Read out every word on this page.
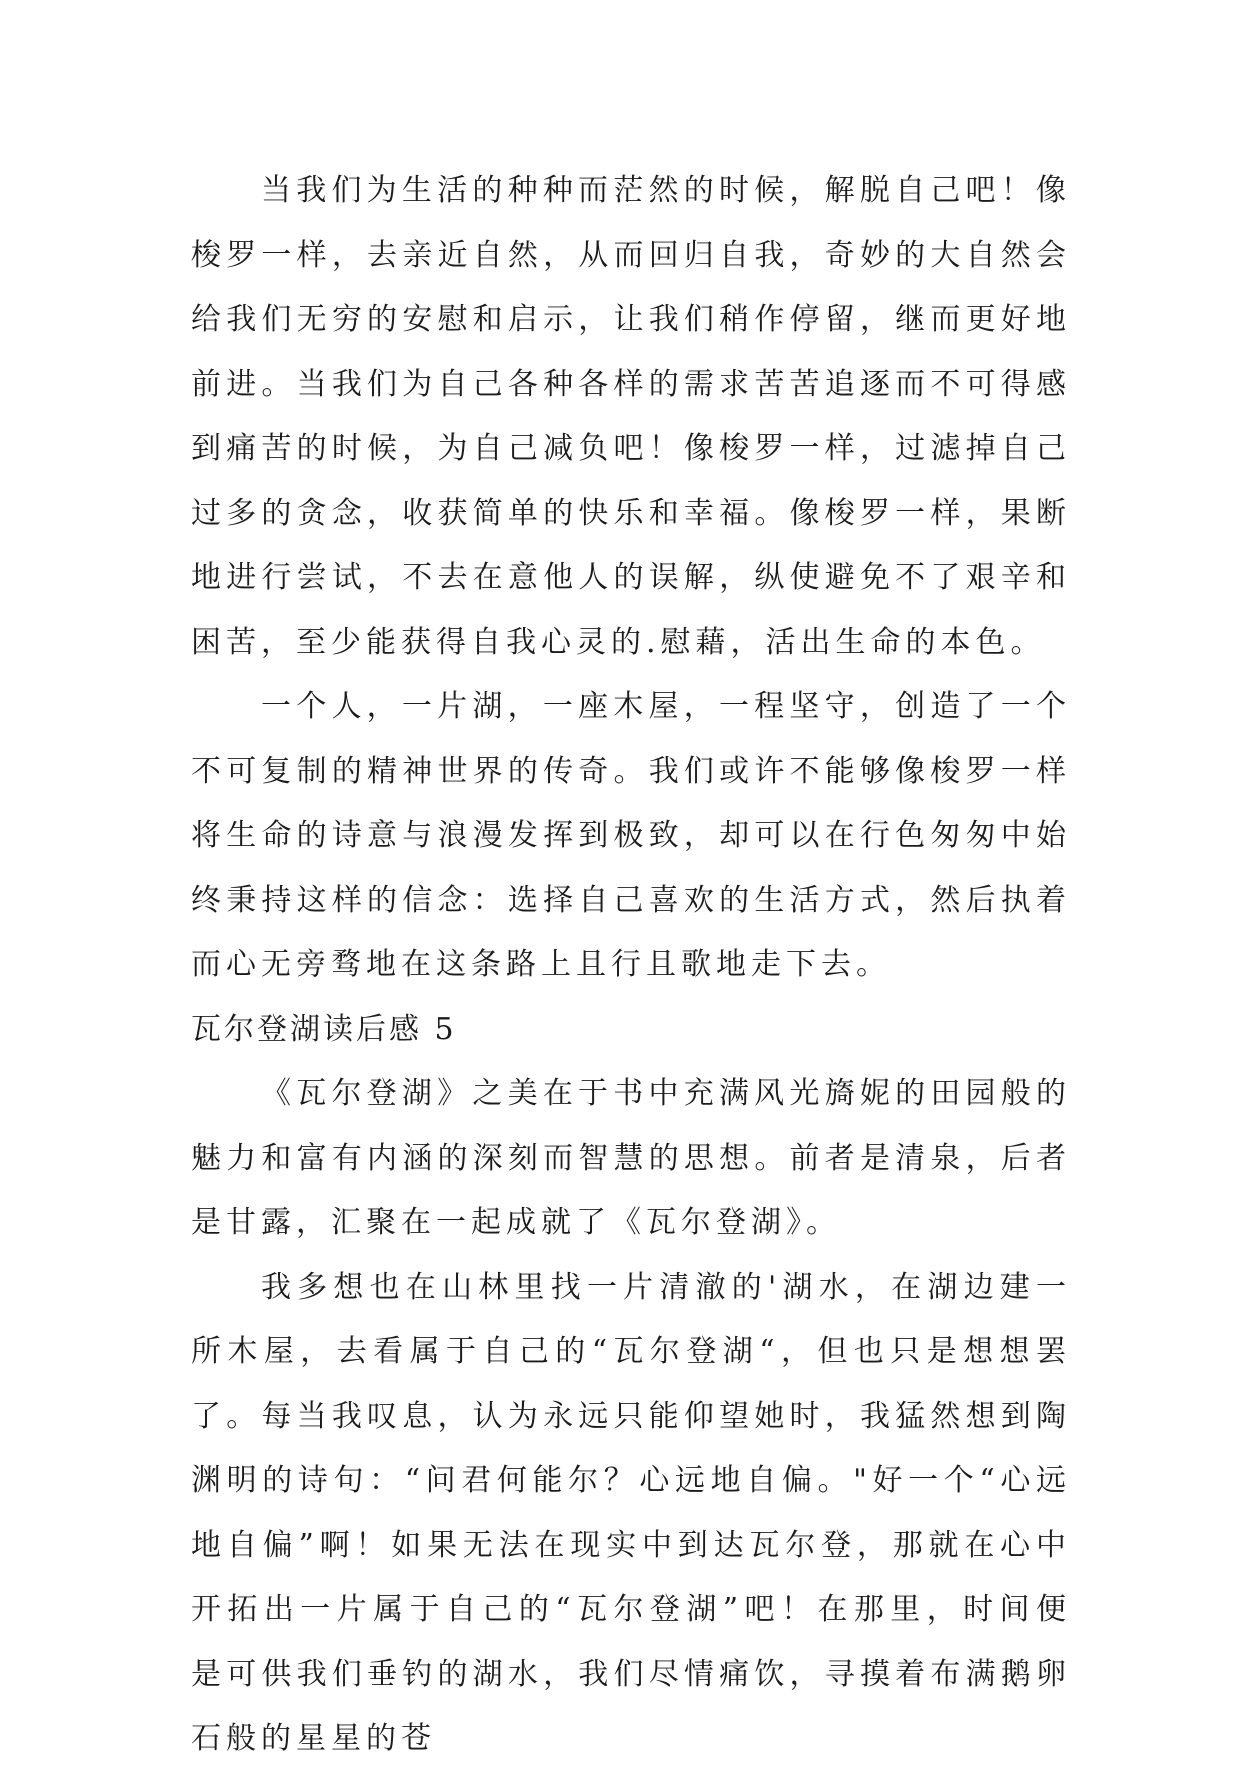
当我们为生活的种种而茫然的时候，解脱自己吧！像梭罗一样，去亲近自然，从而回归自我，奇妙的大自然会给我们无穷的安慰和启示，让我们稍作停留，继而更好地前进。当我们为自己各种各样的需求苦苦追逐而不可得感到痛苦的时候，为自己减负吧！像梭罗一样，过滤掉自己过多的贪念，收获简单的快乐和幸福。像梭罗一样，果断地进行尝试，不去在意他人的误解，纵使避免不了艰辛和困苦，至少能获得自我心灵的.慰藉，活出生命的本色。

一个人，一片湖，一座木屋，一程坚守，创造了一个不可复制的精神世界的传奇。我们或许不能够像梭罗一样将生命的诗意与浪漫发挥到极致，却可以在行色匆匆中始终秉持这样的信念：选择自己喜欢的生活方式，然后执着而心无旁骛地在这条路上且行且歌地走下去。

瓦尔登湖读后感 5

《瓦尔登湖》之美在于书中充满风光旖妮的田园般的魅力和富有内涵的深刻而智慧的思想。前者是清泉，后者是甘露，汇聚在一起成就了《瓦尔登湖》。

我多想也在山林里找一片清澈的'湖水，在湖边建一所木屋，去看属于自己的“瓦尔登湖“，但也只是想想罢了。每当我叹息，认为永远只能仰望她时，我猛然想到陶渊明的诗句：“问君何能尔？心远地自偏。"好一个“心远地自偏”啊！如果无法在现实中到达瓦尔登，那就在心中开拓出一片属于自己的“瓦尔登湖”吧！在那里，时间便是可供我们垂钓的湖水，我们尽情痛饮，寻摸着布满鹅卵石般的星星的苍
